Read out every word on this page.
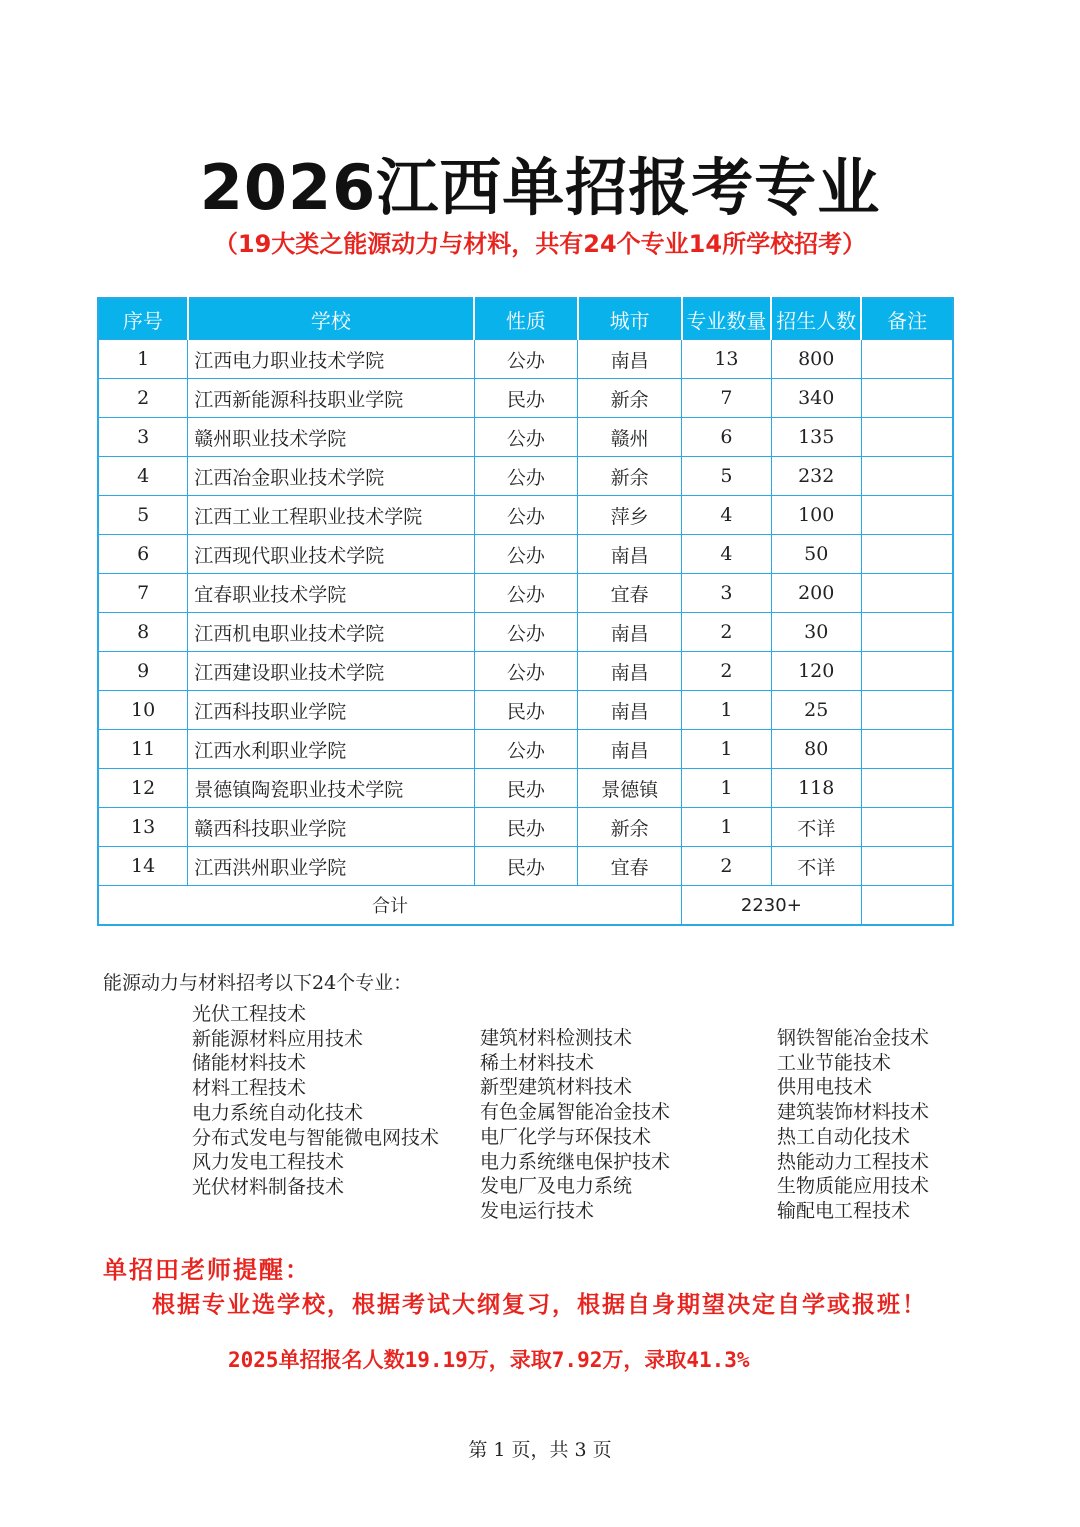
2026江西单招报考专业
（19大类之能源动力与材料，共有24个专业14所学校招考）
序号	学校	性质	城市	专业数量	招生人数	备注
1	江西电力职业技术学院	公办	南昌	13	800	
2	江西新能源科技职业学院	民办	新余	7	340	
3	赣州职业技术学院	公办	赣州	6	135	
4	江西冶金职业技术学院	公办	新余	5	232	
5	江西工业工程职业技术学院	公办	萍乡	4	100	
6	江西现代职业技术学院	公办	南昌	4	50	
7	宜春职业技术学院	公办	宜春	3	200	
8	江西机电职业技术学院	公办	南昌	2	30	
9	江西建设职业技术学院	公办	南昌	2	120	
10	江西科技职业学院	民办	南昌	1	25	
11	江西水利职业学院	公办	南昌	1	80	
12	景德镇陶瓷职业技术学院	民办	景德镇	1	118	
13	赣西科技职业学院	民办	新余	1	不详	
14	江西洪州职业学院	民办	宜春	2	不详	
合计				2230+		
能源动力与材料招考以下24个专业：
光伏工程技术
新能源材料应用技术
储能材料技术
材料工程技术
电力系统自动化技术
分布式发电与智能微电网技术
风力发电工程技术
光伏材料制备技术
建筑材料检测技术
稀土材料技术
新型建筑材料技术
有色金属智能冶金技术
电厂化学与环保技术
电力系统继电保护技术
发电厂及电力系统
发电运行技术
钢铁智能冶金技术
工业节能技术
供用电技术
建筑装饰材料技术
热工自动化技术
热能动力工程技术
生物质能应用技术
输配电工程技术
单招田老师提醒：
根据专业选学校，根据考试大纲复习，根据自身期望决定自学或报班！
2025单招报名人数19.19万，录取7.92万，录取41.3%
第 1 页，共 3 页
